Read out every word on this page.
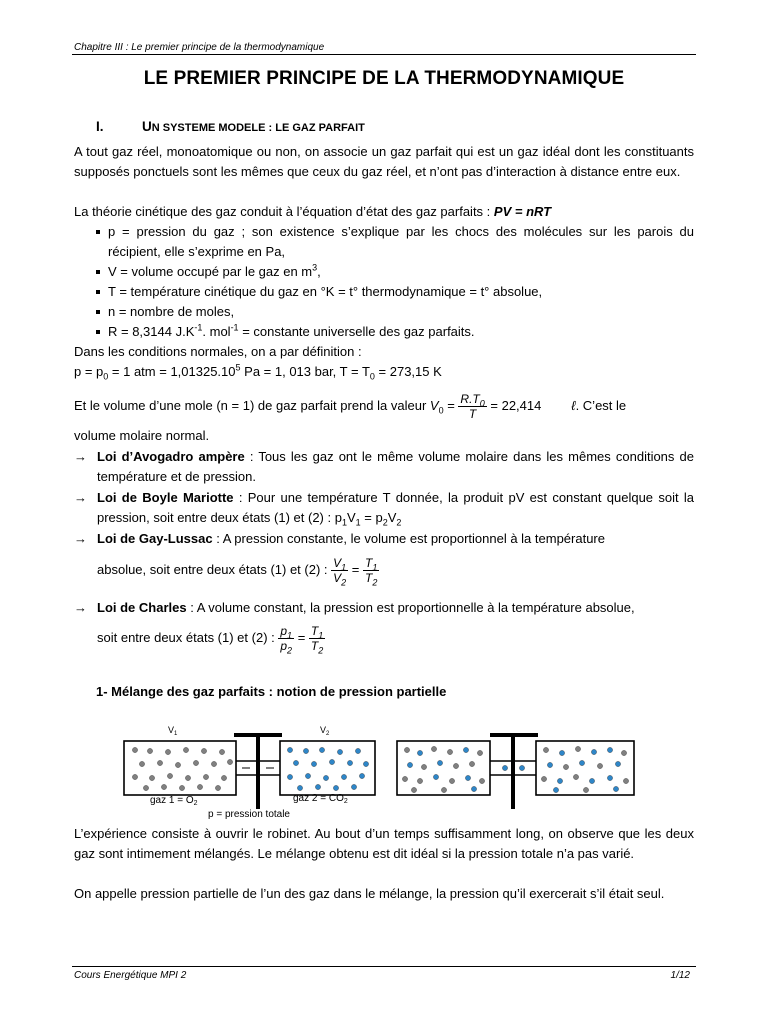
Chapitre III : Le premier principe de la thermodynamique
LE PREMIER PRINCIPE DE LA THERMODYNAMIQUE
I.	UN SYSTEME MODELE : LE GAZ PARFAIT
A tout gaz réel, monoatomique ou non, on associe un gaz parfait qui est un gaz idéal dont les constituants supposés ponctuels sont les mêmes que ceux du gaz réel, et n’ont pas d’interaction à distance entre eux.
La théorie cinétique des gaz conduit à l’équation d’état des gaz parfaits : PV = nRT
p = pression du gaz ; son existence s’explique par les chocs des molécules sur les parois du récipient, elle s’exprime en Pa,
V = volume occupé par le gaz en $m^3$,
T = température cinétique du gaz en °K = t° thermodynamique = t° absolue,
n = nombre de moles,
R = 8,3144 $J.K^{-1}$. mol$^{-1}$ = constante universelle des gaz parfaits.
Dans les conditions normales, on a par définition :
$p = p_0 = 1$ atm = $1,01325.10^5$ Pa = 1, 013 bar, $T = T_0 = 273,15$ K
Et le volume d’une mole (n = 1) de gaz parfait prend la valeur $V_0 = \frac{R.T_0}{T} = 22,414$ ℓ. C’est le
volume molaire normal.
→ Loi d’Avogadro ampère : Tous les gaz ont le même volume molaire dans les mêmes conditions de température et de pression.
→ Loi de Boyle Mariotte : Pour une température T donnée, la produit pV est constant quelque soit la pression, soit entre deux états (1) et (2) : $p_1V_1 = p_2V_2$
→ Loi de Gay-Lussac : A pression constante, le volume est proportionnel à la température
absolue, soit entre deux états (1) et (2) : $\frac{V_1}{V_2} = \frac{T_1}{T_2}$
→ Loi de Charles : A volume constant, la pression est proportionnelle à la température absolue,
soit entre deux états (1) et (2) : $\frac{p_1}{p_2} = \frac{T_1}{T_2}$
1- Mélange des gaz parfaits : notion de pression partielle
$V_1$	$V_2$
gaz $1 = O_2$	gaz $2 = CO_2$
p = pression totale
L’expérience consiste à ouvrir le robinet. Au bout d’un temps suffisamment long, on observe que les deux gaz sont intimement mélangés. Le mélange obtenu est dit idéal si la pression totale n’a pas varié.
On appelle pression partielle de l’un des gaz dans le mélange, la pression qu’il exercerait s’il était seul.
Cours Energétique MPI 2	1/12
